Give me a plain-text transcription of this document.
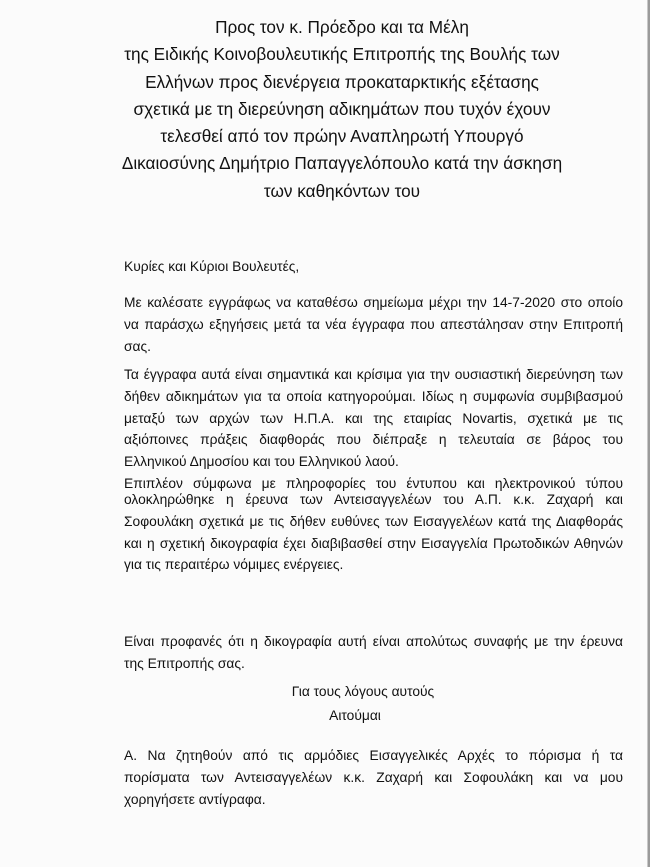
Προς τον κ. Πρόεδρο και τα Μέλη
της Ειδικής Κοινοβουλευτικής Επιτροπής της Βουλής των
Ελλήνων προς διενέργεια προκαταρκτικής εξέτασης
σχετικά με τη διερεύνηση αδικημάτων που τυχόν έχουν
τελεσθεί από τον πρώην Αναπληρωτή Υπουργό
Δικαιοσύνης Δημήτριο Παπαγγελόπουλο κατά την άσκηση
των καθηκόντων του
Κυρίες και Κύριοι Βουλευτές,
Με καλέσατε εγγράφως να καταθέσω σημείωμα μέχρι την 14-7-2020 στο οποίο
να παράσχω εξηγήσεις μετά τα νέα έγγραφα που απεστάλησαν στην Επιτροπή
σας.
Τα έγγραφα αυτά είναι σημαντικά και κρίσιμα για την ουσιαστική διερεύνηση των
δήθεν αδικημάτων για τα οποία κατηγορούμαι. Ιδίως η συμφωνία συμβιβασμού
μεταξύ των αρχών των Η.Π.Α. και της εταιρίας Novartis, σχετικά με τις
αξιόποινες πράξεις διαφθοράς που διέπραξε η τελευταία σε βάρος του
Ελληνικού Δημοσίου και του Ελληνικού λαού.
Επιπλέον σύμφωνα με πληροφορίες του έντυπου και ηλεκτρονικού τύπου
ολοκληρώθηκε η έρευνα των Αντεισαγγελέων του Α.Π. κ.κ. Ζαχαρή και
Σοφουλάκη σχετικά με τις δήθεν ευθύνες των Εισαγγελέων κατά της Διαφθοράς
και η σχετική δικογραφία έχει διαβιβασθεί στην Εισαγγελία Πρωτοδικών Αθηνών
για τις περαιτέρω νόμιμες ενέργειες.
Είναι προφανές ότι η δικογραφία αυτή είναι απολύτως συναφής με την έρευνα
της Επιτροπής σας.
Για τους λόγους αυτούς
Αιτούμαι
Α. Να ζητηθούν από τις αρμόδιες Εισαγγελικές Αρχές το πόρισμα ή τα
πορίσματα των Αντεισαγγελέων κ.κ. Ζαχαρή και Σοφουλάκη και να μου
χορηγήσετε αντίγραφα.
